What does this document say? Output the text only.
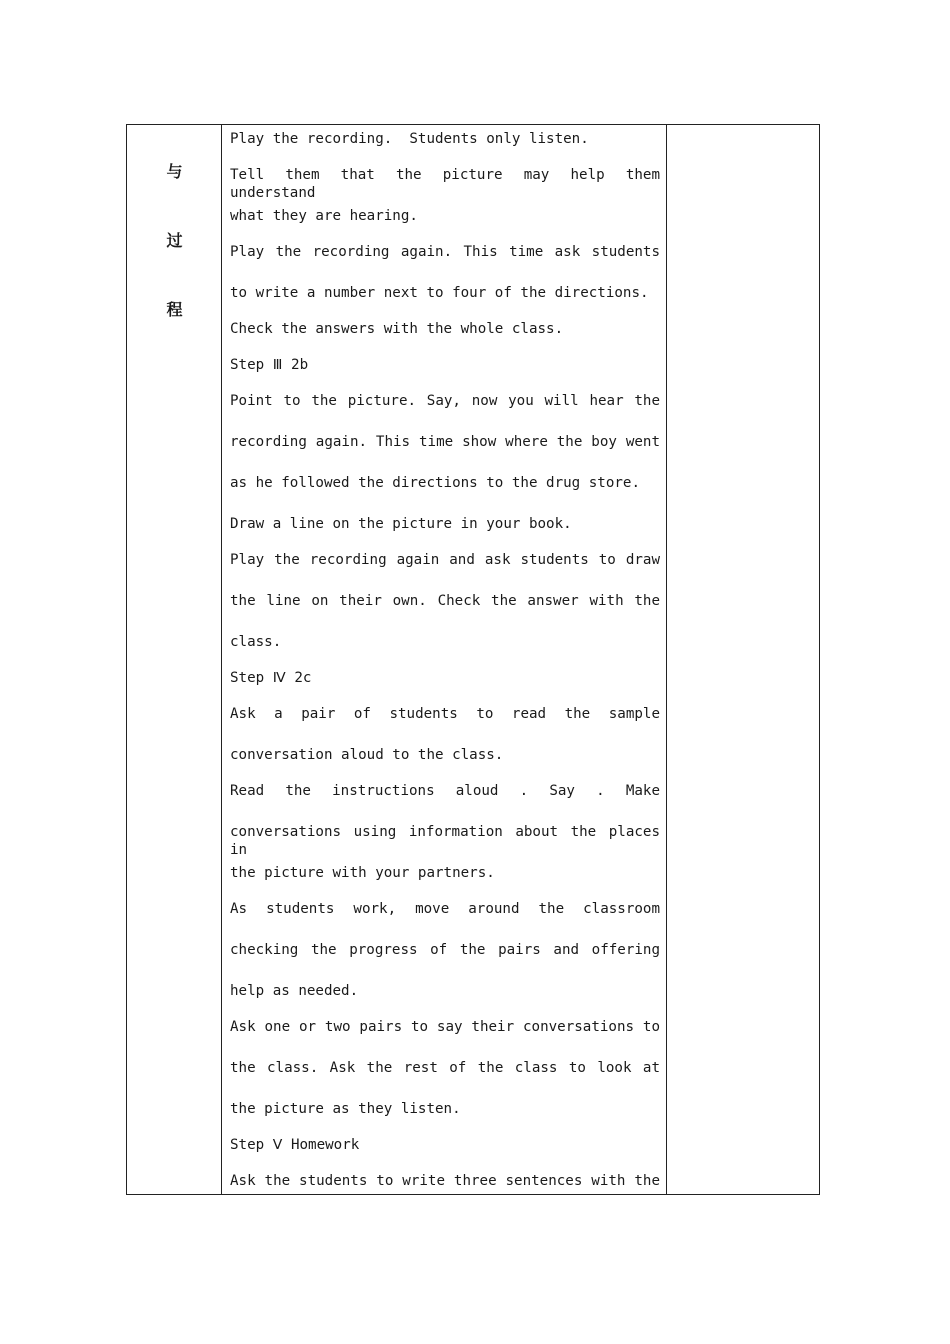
与
过
程
Play the recording.  Students only listen.
Tell them that the picture may help them understand
what they are hearing.
Play the recording again. This time ask students
to write a number next to four of the directions.
Check the answers with the whole class.
Step Ⅲ 2b
Point to the picture. Say, now you will hear the
recording again. This time show where the boy went
as he followed the directions to the drug store.
Draw a line on the picture in your book.
Play the recording again and ask students to draw
the line on their own. Check the answer with the
class.
Step Ⅳ 2c
Ask a pair of students to read the sample
conversation aloud to the class.
Read the instructions aloud . Say . Make
conversations using information about the places in
the picture with your partners.
As students work, move around the classroom
checking the progress of the pairs and offering
help as needed.
Ask one or two pairs to say their conversations to
the class. Ask the rest of the class to look at
the picture as they listen.
Step Ⅴ Homework
Ask the students to write three sentences with the
